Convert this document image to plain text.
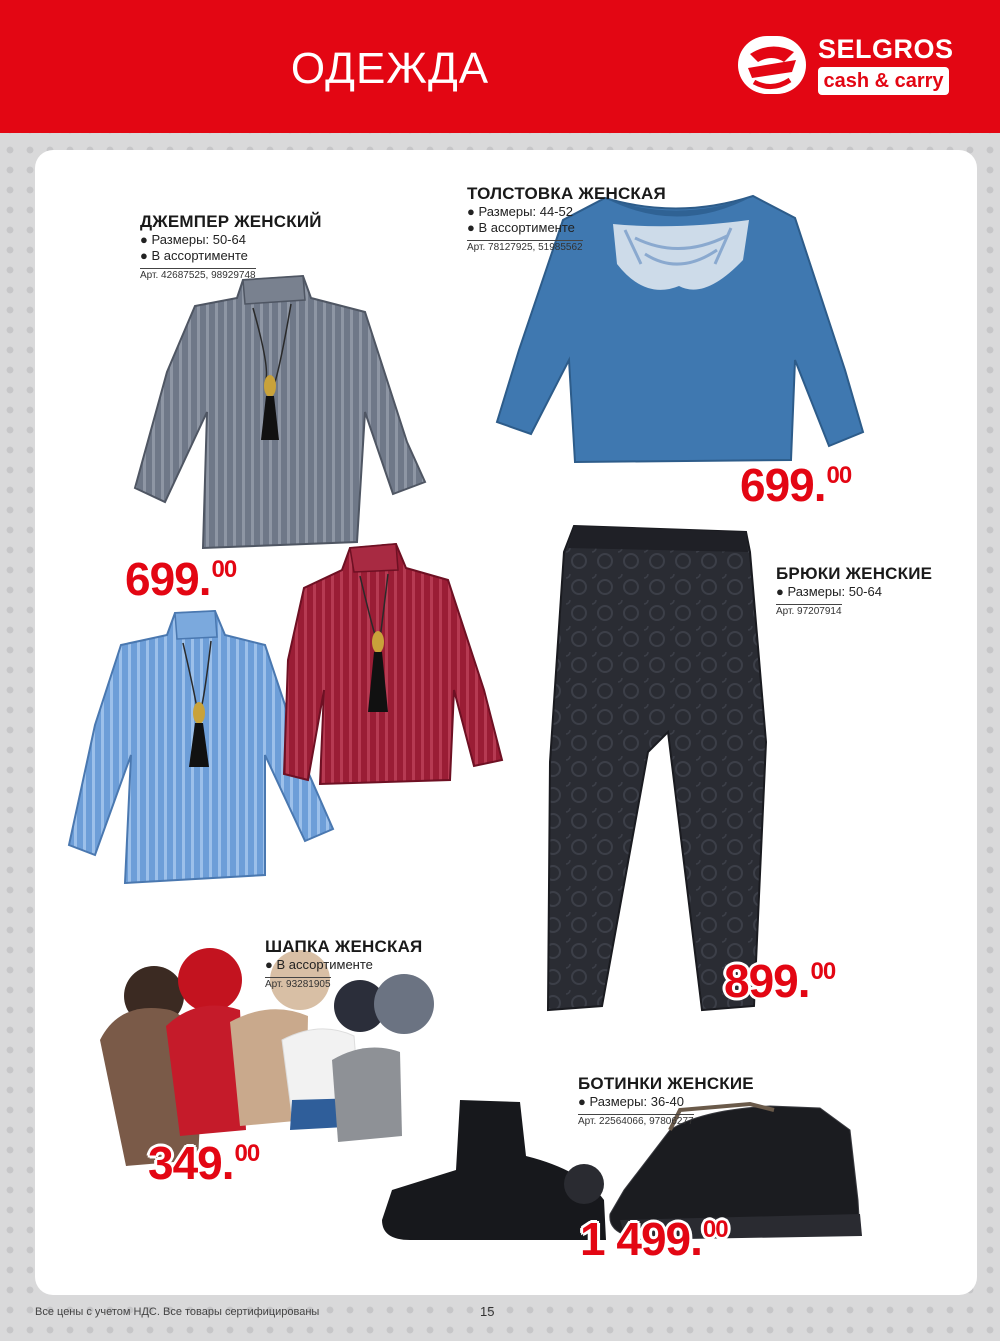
ОДЕЖДА	SELGROS
cash & carry
ДЖЕМПЕР ЖЕНСКИЙ
● Размеры: 50-64
● В ассортименте
Арт. 42687525, 98929748
699.00
ТОЛСТОВКА ЖЕНСКАЯ
● Размеры: 44-52
● В ассортименте
Арт. 78127925, 51985562
699.00
БРЮКИ ЖЕНСКИЕ
● Размеры: 50-64
Арт. 97207914
899.00
ШАПКА ЖЕНСКАЯ
● В ассортименте
Арт. 93281905
349.00
БОТИНКИ ЖЕНСКИЕ
● Размеры: 36-40
Арт. 22564066, 97806277
1 499.00
Все цены с учетом НДС. Все товары сертифицированы	15
